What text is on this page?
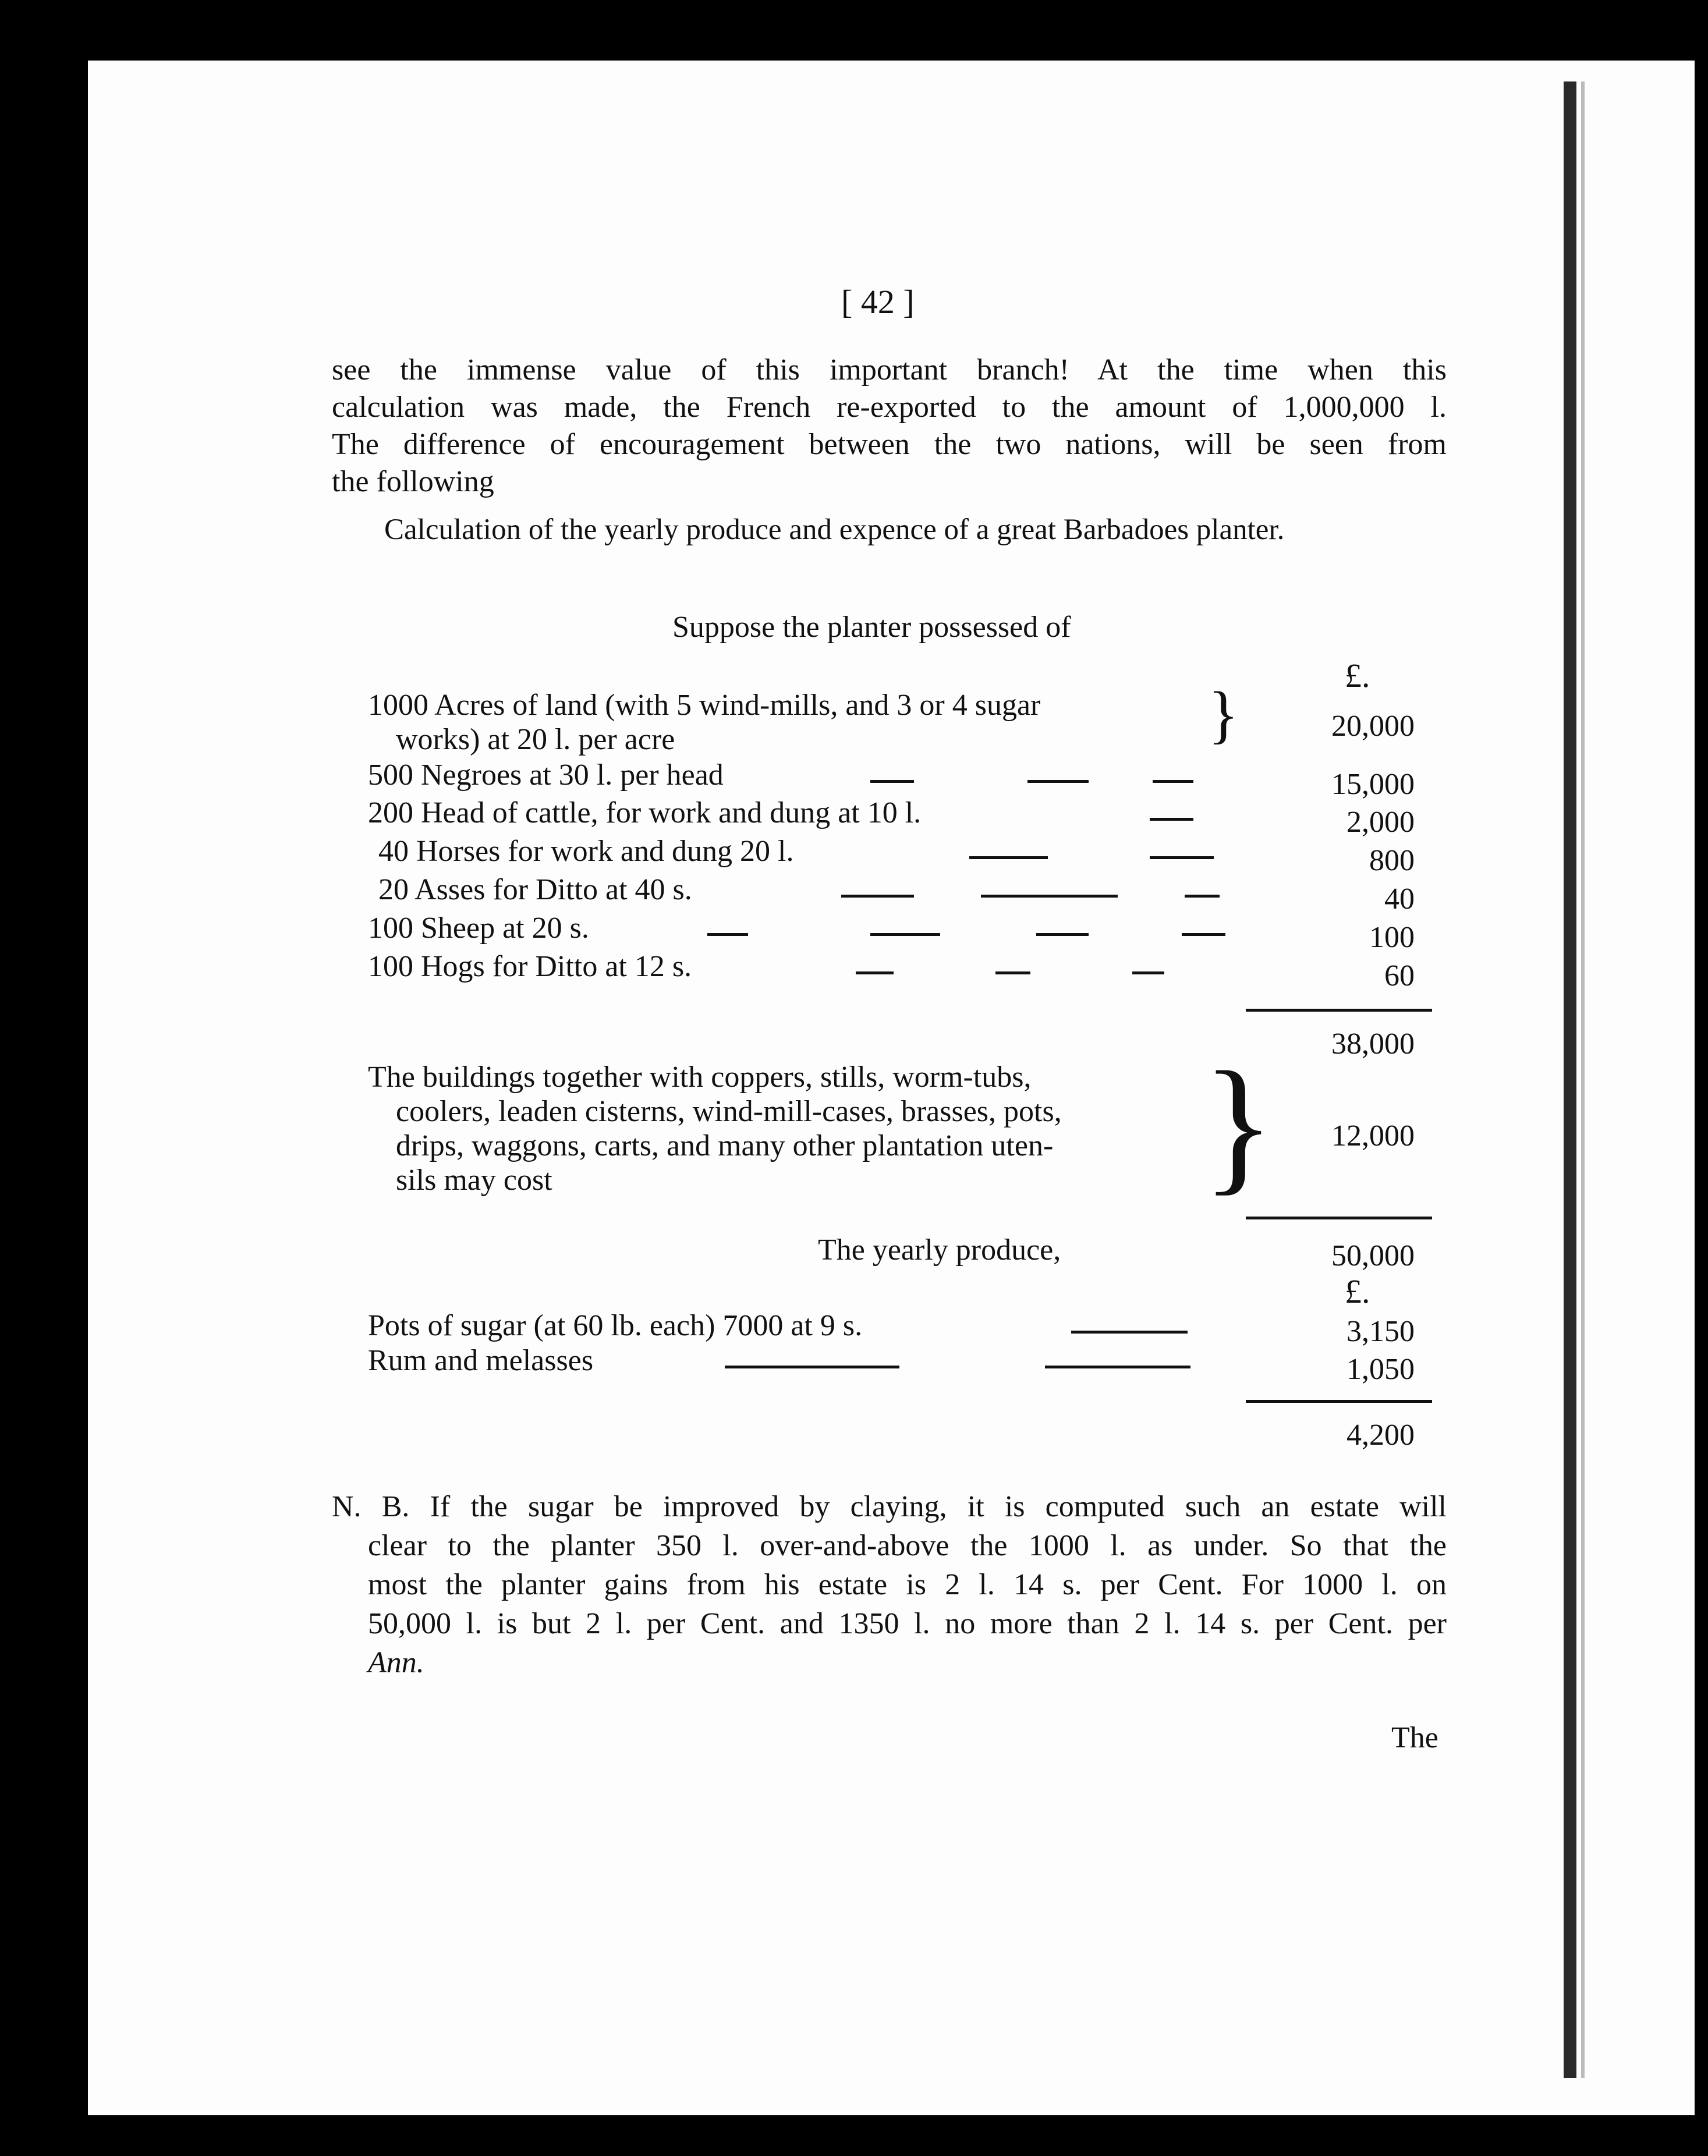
[ 42 ]
see the immense value of this important branch! At the time when this
calculation was made, the French re-exported to the amount of 1,000,000 l.
The difference of encouragement between the two nations, will be seen from
the following
Calculation of the yearly produce and expence of a great Barbadoes planter.
Suppose the planter possessed of
£.
1000 Acres of land (with 5 wind-mills, and 3 or 4 sugar
works) at 20 l. per acre	}	20,000
500 Negroes at 30 l. per head	15,000
200 Head of cattle, for work and dung at 10 l.	2,000
40 Horses for work and dung 20 l.	800
20 Asses for Ditto at 40 s.	40
100 Sheep at 20 s.	100
100 Hogs for Ditto at 12 s.	60
38,000
The buildings together with coppers, stills, worm-tubs,
coolers, leaden cisterns, wind-mill-cases, brasses, pots,
drips, waggons, carts, and many other plantation uten-
sils may cost	}	12,000
The yearly produce,	50,000
£.
Pots of sugar (at 60 lb. each) 7000 at 9 s.	3,150
Rum and melasses	1,050
4,200
N. B. If the sugar be improved by claying, it is computed such an estate will
clear to the planter 350 l. over-and-above the 1000 l. as under. So that the
most the planter gains from his estate is 2 l. 14 s. per Cent. For 1000 l. on
50,000 l. is but 2 l. per Cent. and 1350 l. no more than 2 l. 14 s. per Cent. per
Ann.
The
